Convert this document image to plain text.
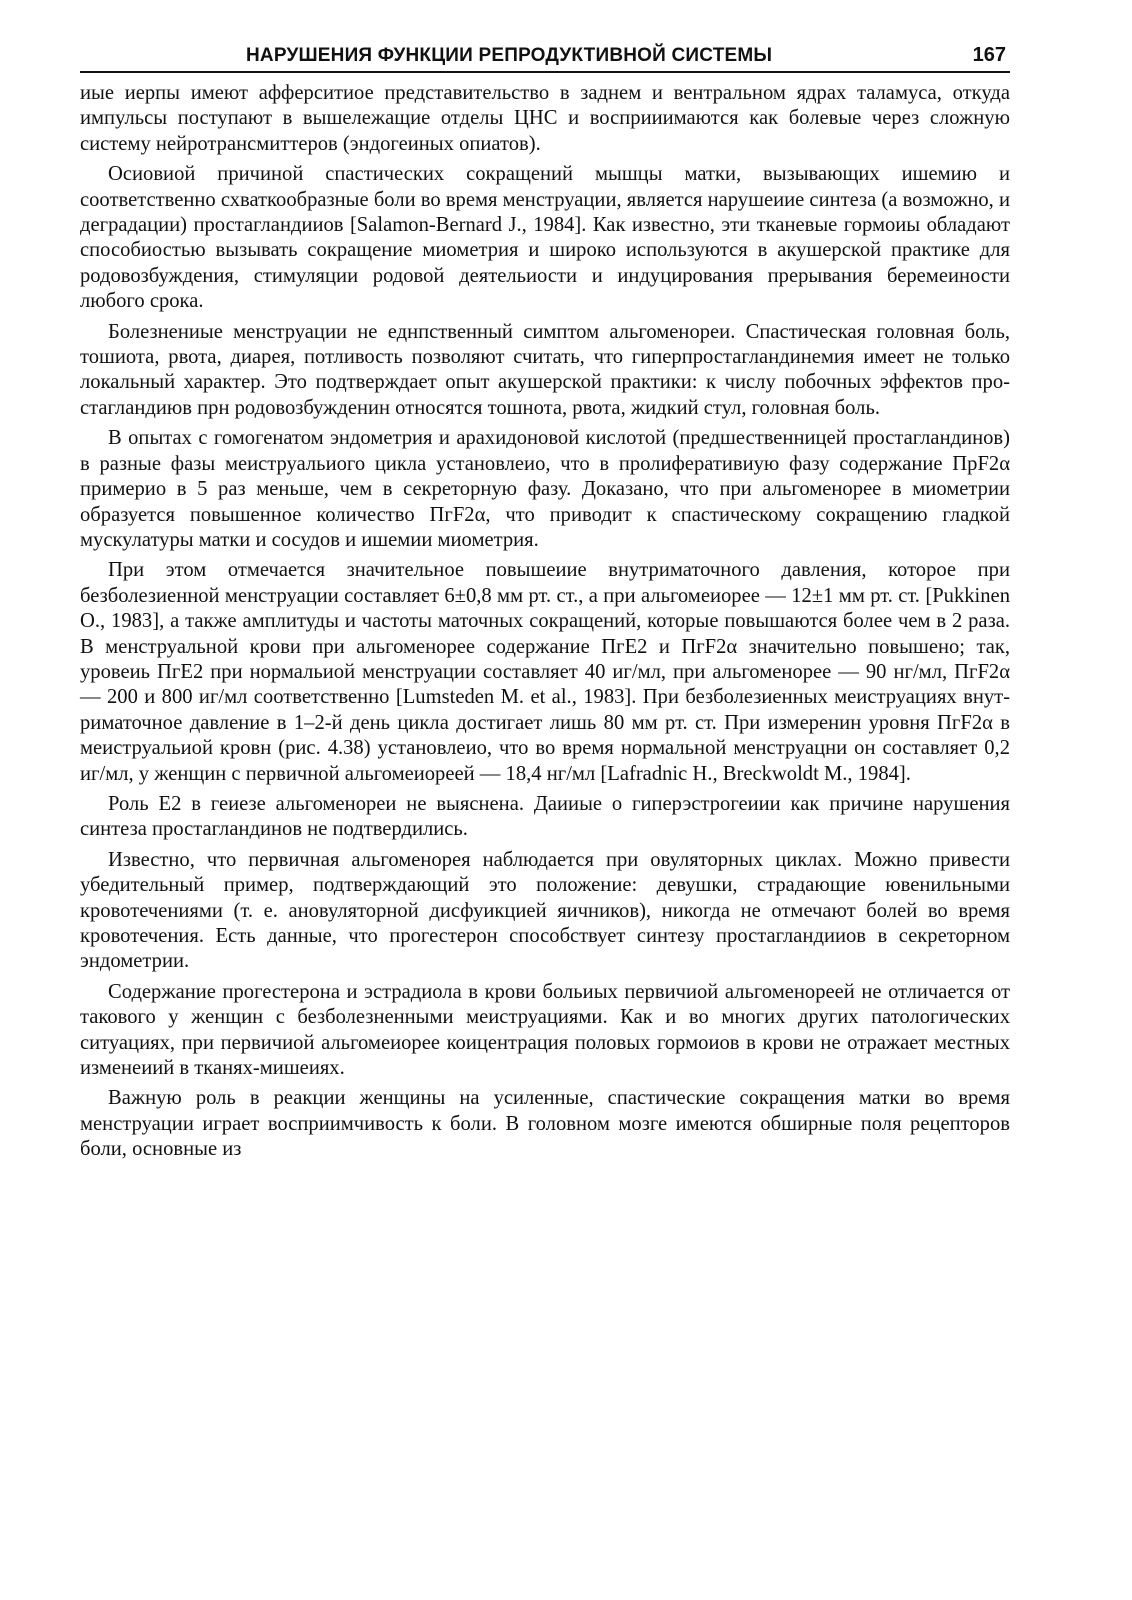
НАРУШЕНИЯ ФУНКЦИИ РЕПРОДУКТИВНОЙ СИСТЕМЫ	167

иые иерпы имеют афферситиое представительство в заднем и вентральном ядрах таламуса, откуда импульсы поступают в вышележащие отделы ЦНС и восприиимаются как болевые через сложную систему нейротрансмиттеров (эндогеиных опиатов).

Осиовиой причиной спастических сокращений мышцы матки, вызывающих ишемию и соответственно схваткообразные боли во время менструации, является нарушеиие синтеза (а возможно, и деградации) простагландииов [Salamon-Bernard J., 1984]. Как известно, эти тканевые гормоиы обладают способиостью вызывать сокращение миометрия и широко используются в акушерской практике для родовозбуждения, стимуляции родовой деятельиости и индуцирования прерывания беремеиности любого срока.

Болезнениые менструации не еднпственный симптом альгоменореи. Спастическая головная боль, тошиота, рвота, диарея, потливость позволяют считать, что гиперпростагландинемия имеет не только локальный характер. Это подтверждает опыт акушерской практики: к числу побочных эффектов простагландиюв прн родовозбужденин относятся тошнота, рвота, жидкий стул, головная боль.

В опытах с гомогенатом эндометрия и арахидоновой кислотой (предшественницей простагландинов) в разные фазы меиструальиого цикла установлеио, что в пролиферативиую фазу содержание ПрF2α примерио в 5 раз меньше, чем в секреторную фазу. Доказано, что при альгоменорее в миометрии образуется повышенное количество ПгF2α, что приводит к спастическому сокращению гладкой мускулатуры матки и сосудов и ишемии миометрия.

При этом отмечается значительное повышеиие внутриматочного давления, которое при безболезиенной менструации составляет 6±0,8 мм рт. ст., а при альгомеиорее — 12±1 мм рт. ст. [Pukkinen O., 1983], а также амплитуды и частоты маточных сокращений, которые повышаются более чем в 2 раза. В менструальной крови при альгоменорее содержание ПгE2 и ПгF2α значительно повышено; так, уровеиь ПгE2 при нормальиой менструации составляет 40 иг/мл, при альгоменорее — 90 нг/мл, ПгF2α — 200 и 800 иг/мл соответственно [Lumsteden M. et al., 1983]. При безболезиенных меиструациях внутриматочное давление в 1–2-й день цикла достигает лишь 80 мм рт. ст. При измеренин уровня ПгF2α в меиструальиой кровн (рис. 4.38) установлеио, что во время нормальной менструацни он составляет 0,2 иг/мл, у женщин с первичной альгомеиореей — 18,4 нг/мл [Lafradnic H., Breckwoldt M., 1984].

Роль E2 в геиезе альгоменореи не выяснена. Даииые о гиперэстрогеиии как причине нарушения синтеза простагландинов не подтвердились.

Известно, что первичная альгоменорея наблюдается при овуляторных циклах. Можно привести убедительный пример, подтверждающий это положение: девушки, страдающие ювенильными кровотечениями (т. е. ановуляторной дисфуикцией яичников), никогда не отмечают болей во время кровотечения. Есть данные, что прогестерон способствует синтезу простагландииов в секреторном эндометрии.

Содержание прогестерона и эстрадиола в крови больиых первичиой альгоменореей не отличается от такового у женщин с безболезненными меиструациями. Как и во многих других патологических ситуациях, при первичиой альгомеиорее коицентрация половых гормоиов в крови не отражает местных изменеиий в тканях-мишеиях.

Важную роль в реакции женщины на усиленные, спастические сокращения матки во время менструации играет восприимчивость к боли. В головном мозге имеются обширные поля рецепторов боли, основные из
